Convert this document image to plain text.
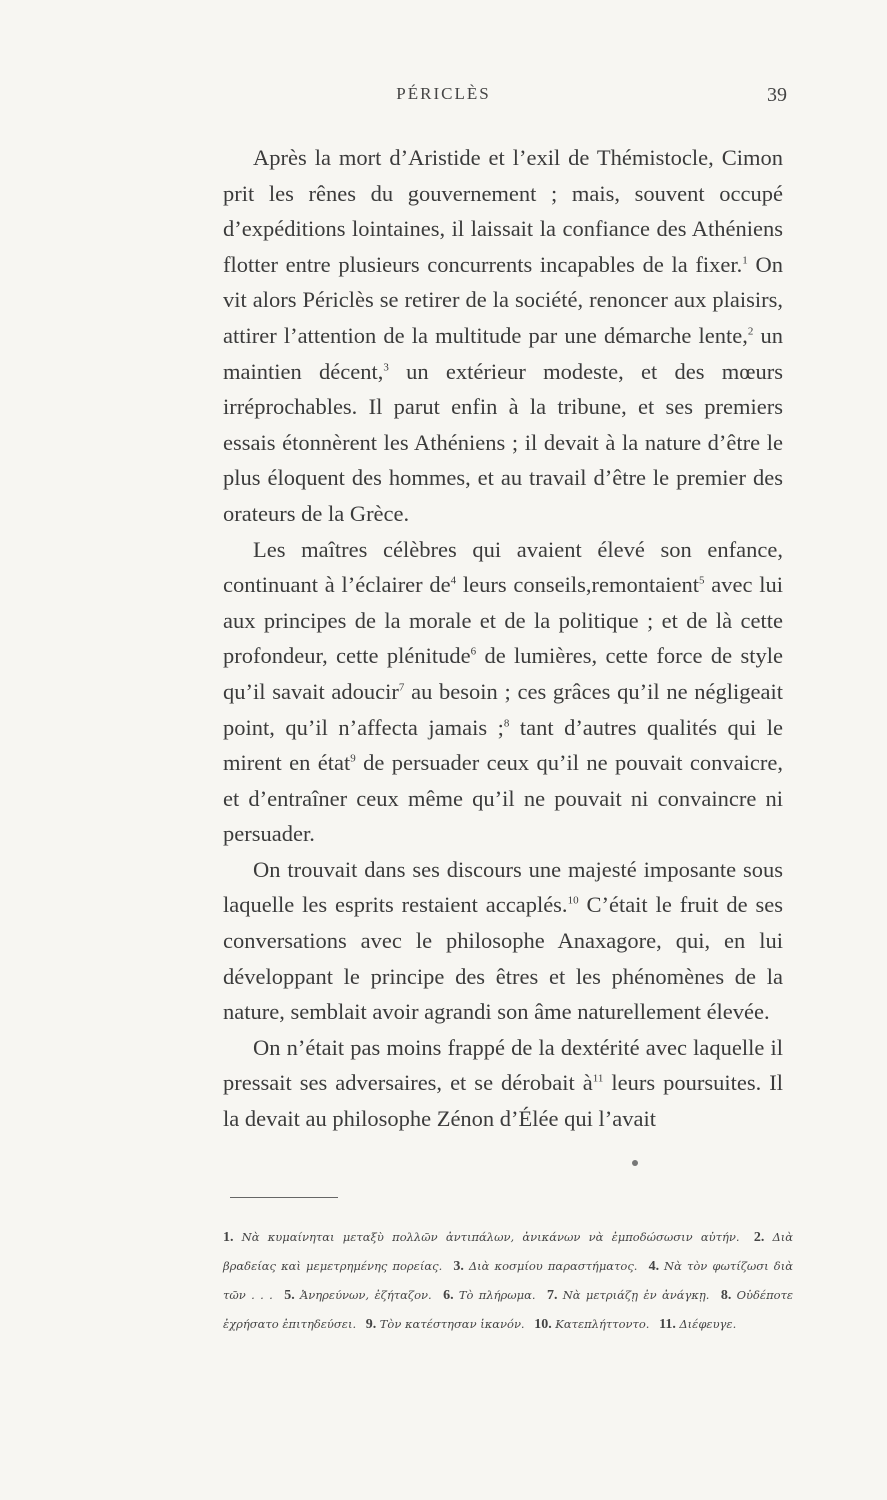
PÉRICLÈS	39

Après la mort d’Aristide et l’exil de Thémistocle, Cimon prit les rênes du gouvernement ; mais, souvent occupé d’expéditions lointaines, il laissait la confiance des Athéniens flotter entre plusieurs concurrents incapables de la fixer.$^1$ On vit alors Périclès se retirer de la société, renoncer aux plaisirs, attirer l’attention de la multitude par une démarche lente,$^2$ un maintien décent,$^3$ un extérieur modeste, et des mœurs irréprochables. Il parut enfin à la tribune, et ses premiers essais étonnèrent les Athéniens ; il devait à la nature d’être le plus éloquent des hommes, et au travail d’être le premier des orateurs de la Grèce.

Les maîtres célèbres qui avaient élevé son enfance, continuant à l’éclairer $de^4$ leurs conseils,remontaient$^5$ avec lui aux principes de la morale et de la politique ; et de là cette profondeur, cette plénitude$^6$ de lumières, cette force de style qu’il savait adoucir$^7$ au besoin ; ces grâces qu’il ne négligeait point, qu’il n’affecta jamais ;$^8$ tant d’autres qualités qui le mirent en état$^9$ de persuader ceux qu’il ne pouvait convaicre, et d’entraîner ceux même qu’il ne pouvait ni convaincre ni persuader.

On trouvait dans ses discours une majesté imposante sous laquelle les esprits restaient accaplés.$^{10}$ C’était le fruit de ses conversations avec le philosophe Anaxagore, qui, en lui développant le principe des êtres et les phénomènes de la nature, semblait avoir agrandi son âme naturellement élevée.

On n’était pas moins frappé de la dextérité avec laquelle il pressait ses adversaires, et se dérobait $à^{11}$ leurs poursuites. Il la devait au philosophe Zénon d’Élée qui l’avait

1. Νὰ κυμαίνηται μεταξὺ πολλῶν ἀντιπάλων, ἀνικάνων νὰ ἐμποδώσωσιν αὐτήν. 2. Διὰ βραδείας καὶ μεμετρημένης πορείας. 3. Διὰ κοσμίου παραστήματος. 4. Νὰ τὸν φωτίζωσι διὰ τῶν . . . 5. Ἀνηρεύνων, ἐζήταζον. 6. Τὸ πλήρωμα. 7. Νὰ μετριάζῃ ἐν ἀνάγκῃ. 8. Οὐδέποτε ἐχρήσατο ἐπιτηδεύσει. 9. Τὸν κατέστησαν ἱκανόν. 10. Κατεπλήττοντο. 11. Διέφευγε.
